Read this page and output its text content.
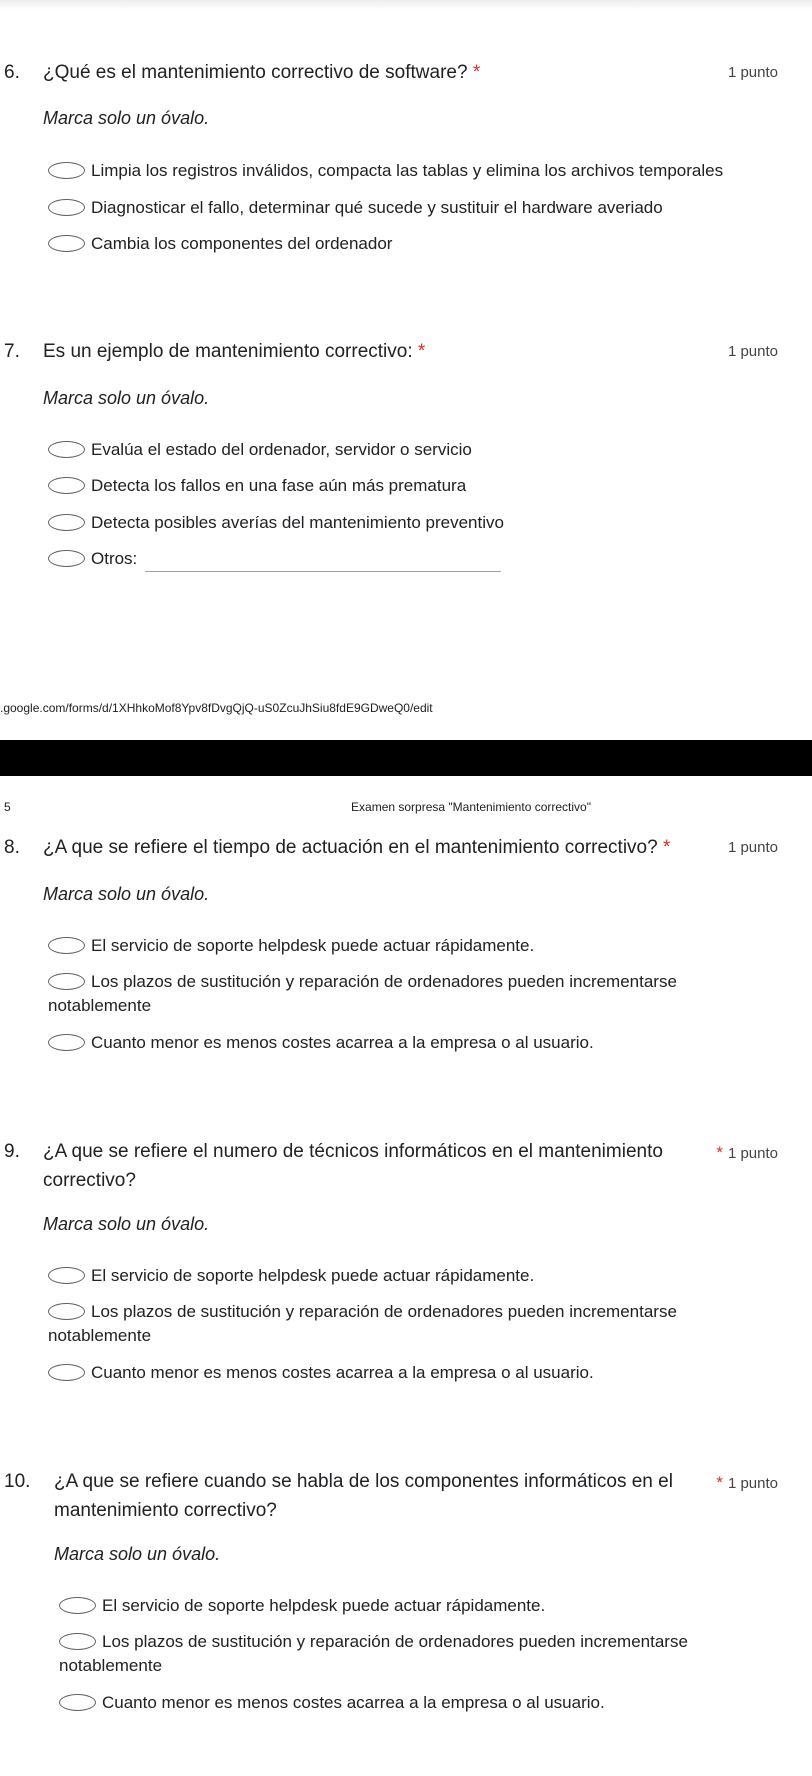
6. ¿Qué es el mantenimiento correctivo de software? *	1 punto
Marca solo un óvalo.
Limpia los registros inválidos, compacta las tablas y elimina los archivos temporales
Diagnosticar el fallo, determinar qué sucede y sustituir el hardware averiado
Cambia los componentes del ordenador
7. Es un ejemplo de mantenimiento correctivo: *	1 punto
Marca solo un óvalo.
Evalúa el estado del ordenador, servidor o servicio
Detecta los fallos en una fase aún más prematura
Detecta posibles averías del mantenimiento preventivo
Otros:
.google.com/forms/d/1XHhkoMof8Ypv8fDvgQjQ-uS0ZcuJhSiu8fdE9GDweQ0/edit
5	Examen sorpresa "Mantenimiento correctivo"
8. ¿A que se refiere el tiempo de actuación en el mantenimiento correctivo? *	1 punto
Marca solo un óvalo.
El servicio de soporte helpdesk puede actuar rápidamente.
Los plazos de sustitución y reparación de ordenadores pueden incrementarse notablemente
Cuanto menor es menos costes acarrea a la empresa o al usuario.
9. ¿A que se refiere el numero de técnicos informáticos en el mantenimiento correctivo?
* 1 punto
Marca solo un óvalo.
El servicio de soporte helpdesk puede actuar rápidamente.
Los plazos de sustitución y reparación de ordenadores pueden incrementarse notablemente
Cuanto menor es menos costes acarrea a la empresa o al usuario.
10. ¿A que se refiere cuando se habla de los componentes informáticos en el mantenimiento correctivo?
* 1 punto
Marca solo un óvalo.
El servicio de soporte helpdesk puede actuar rápidamente.
Los plazos de sustitución y reparación de ordenadores pueden incrementarse notablemente
Cuanto menor es menos costes acarrea a la empresa o al usuario.
